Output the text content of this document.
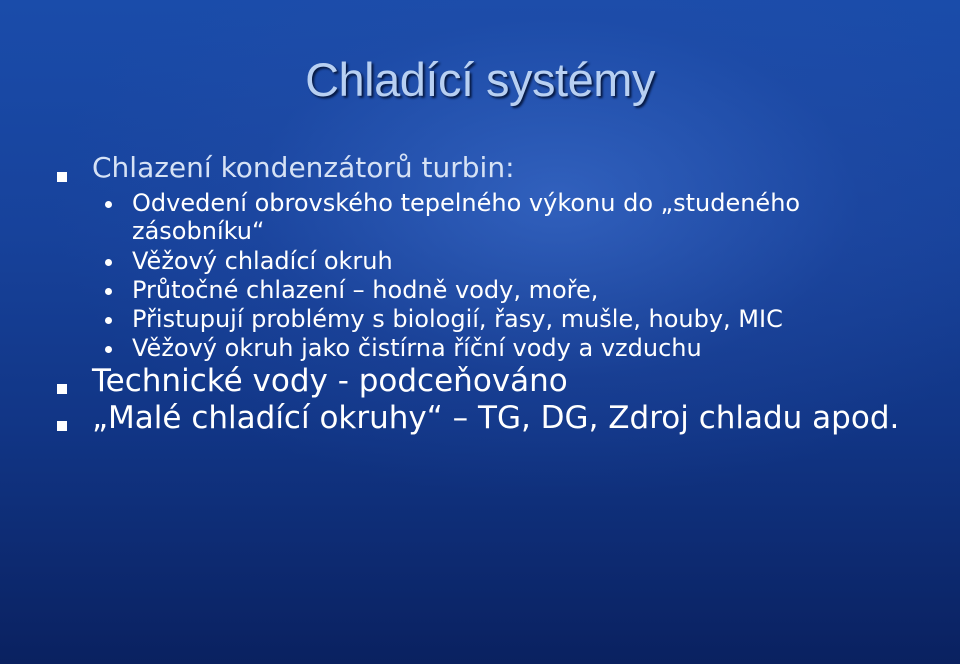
Chladící systémy
Chlazení kondenzátorů turbin:
Odvedení obrovského tepelného výkonu do „studeného zásobníku“
Věžový chladící okruh
Průtočné chlazení – hodně vody, moře,
Přistupují problémy s biologií, řasy, mušle, houby, MIC
Věžový okruh jako čistírna říční vody a vzduchu
Technické vody - podceňováno
„Malé chladící okruhy“ – TG, DG, Zdroj chladu apod.
